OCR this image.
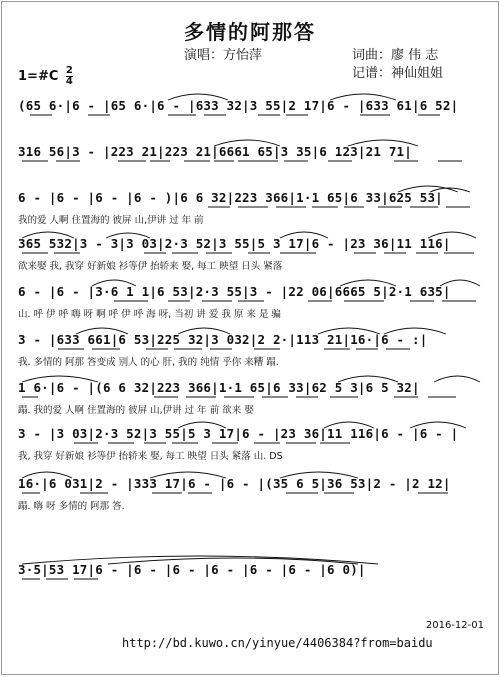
多情的阿那答
演唱：方怡萍	词曲：廖 伟 志
记谱：神仙姐姐
1=#C $\frac{2}{4}$
(65 6·|6 - |65 6·|6 - |633 32|3 55|2 17|6 - |633 61|6 52|
316 56|3 - |223 21|223 21|6661 65|3 35|6 123|21 71|
6 - |6 - |6 - |6 - )|6 6 32|223 366|1·1 65|6 33|625 53|
我的爱 人啊 住置海的 彼屏 山,伊讲 过 年 前
365 532|3 - 3|3 03|2·3 52|3 55|5 3 17|6 - |23 36|11 116|
欲来娶 我, 我穿 好新娘 衫等伊 抬轿来 娶, 每工 映望 日头 紧落
6 - |6 - |3·6 1 1|6 53|2·3 55|3 - |22 06|6665 5|2·1 635|
山. 呼 伊 呼 嗨 呀 啊 呼 伊 呼 海 呀, 当初 讲 爱 我 原 来 是 骗
3 - |633 661|6 53|225 32|3 032|2 2·|113 21|16·|6 - :|
我. 多情的 阿那 答变成 别人 的心 肝, 我的 纯情 乎你 来糟 蹋.
1 6·|6 - |(6 6 32|223 366|1·1 65|6 33|62 5 3|6 5 32|
蹋. 我的爱 人啊 住置海的 彼屏 山,伊讲 过 年 前 欲来 娶
3 - |3 03|2·3 52|3 55|5 3 17|6 - |23 36|11 116|6 - |6 - |
我, 我穿 好新娘 衫等伊 抬轿来 娶, 每工 映望 日头 紧落 山. DS
16·|6 031|2 - |333 17|6 - |6 - |(35 6 5|36 53|2 - |2 12|
蹋. 嗨 呀 多情的 阿那 答.
3·5|53 17|6 - |6 - |6 - |6 - |6 - |6 - |6 0)|
2016-12-01
http://bd.kuwo.cn/yinyue/4406384?from=baidu
